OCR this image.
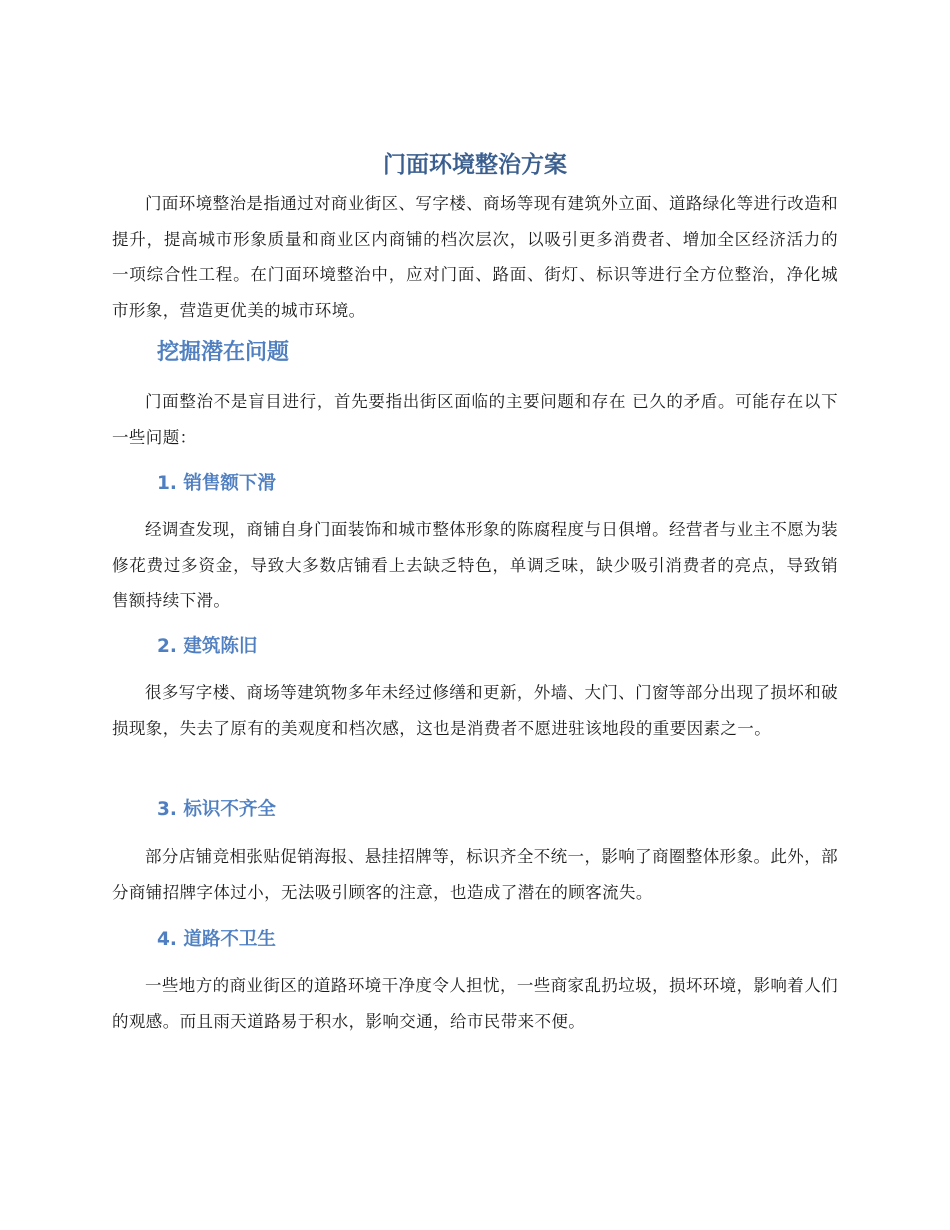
门面环境整治方案

门面环境整治是指通过对商业街区、写字楼、商场等现有建筑外立面、道路绿化等进行改造和提升，提高城市形象质量和商业区内商铺的档次层次，以吸引更多消费者、增加全区经济活力的一项综合性工程。在门面环境整治中，应对门面、路面、街灯、标识等进行全方位整治，净化城市形象，营造更优美的城市环境。

挖掘潜在问题

门面整治不是盲目进行，首先要指出街区面临的主要问题和存在 已久的矛盾。可能存在以下一些问题：

1. 销售额下滑

经调查发现，商铺自身门面装饰和城市整体形象的陈腐程度与日俱增。经营者与业主不愿为装修花费过多资金，导致大多数店铺看上去缺乏特色，单调乏味，缺少吸引消费者的亮点，导致销售额持续下滑。

2. 建筑陈旧

很多写字楼、商场等建筑物多年未经过修缮和更新，外墙、大门、门窗等部分出现了损坏和破损现象，失去了原有的美观度和档次感，这也是消费者不愿进驻该地段的重要因素之一。

3. 标识不齐全

部分店铺竞相张贴促销海报、悬挂招牌等，标识齐全不统一，影响了商圈整体形象。此外，部分商铺招牌字体过小，无法吸引顾客的注意，也造成了潜在的顾客流失。

4. 道路不卫生

一些地方的商业街区的道路环境干净度令人担忧，一些商家乱扔垃圾，损坏环境，影响着人们的观感。而且雨天道路易于积水，影响交通，给市民带来不便。
